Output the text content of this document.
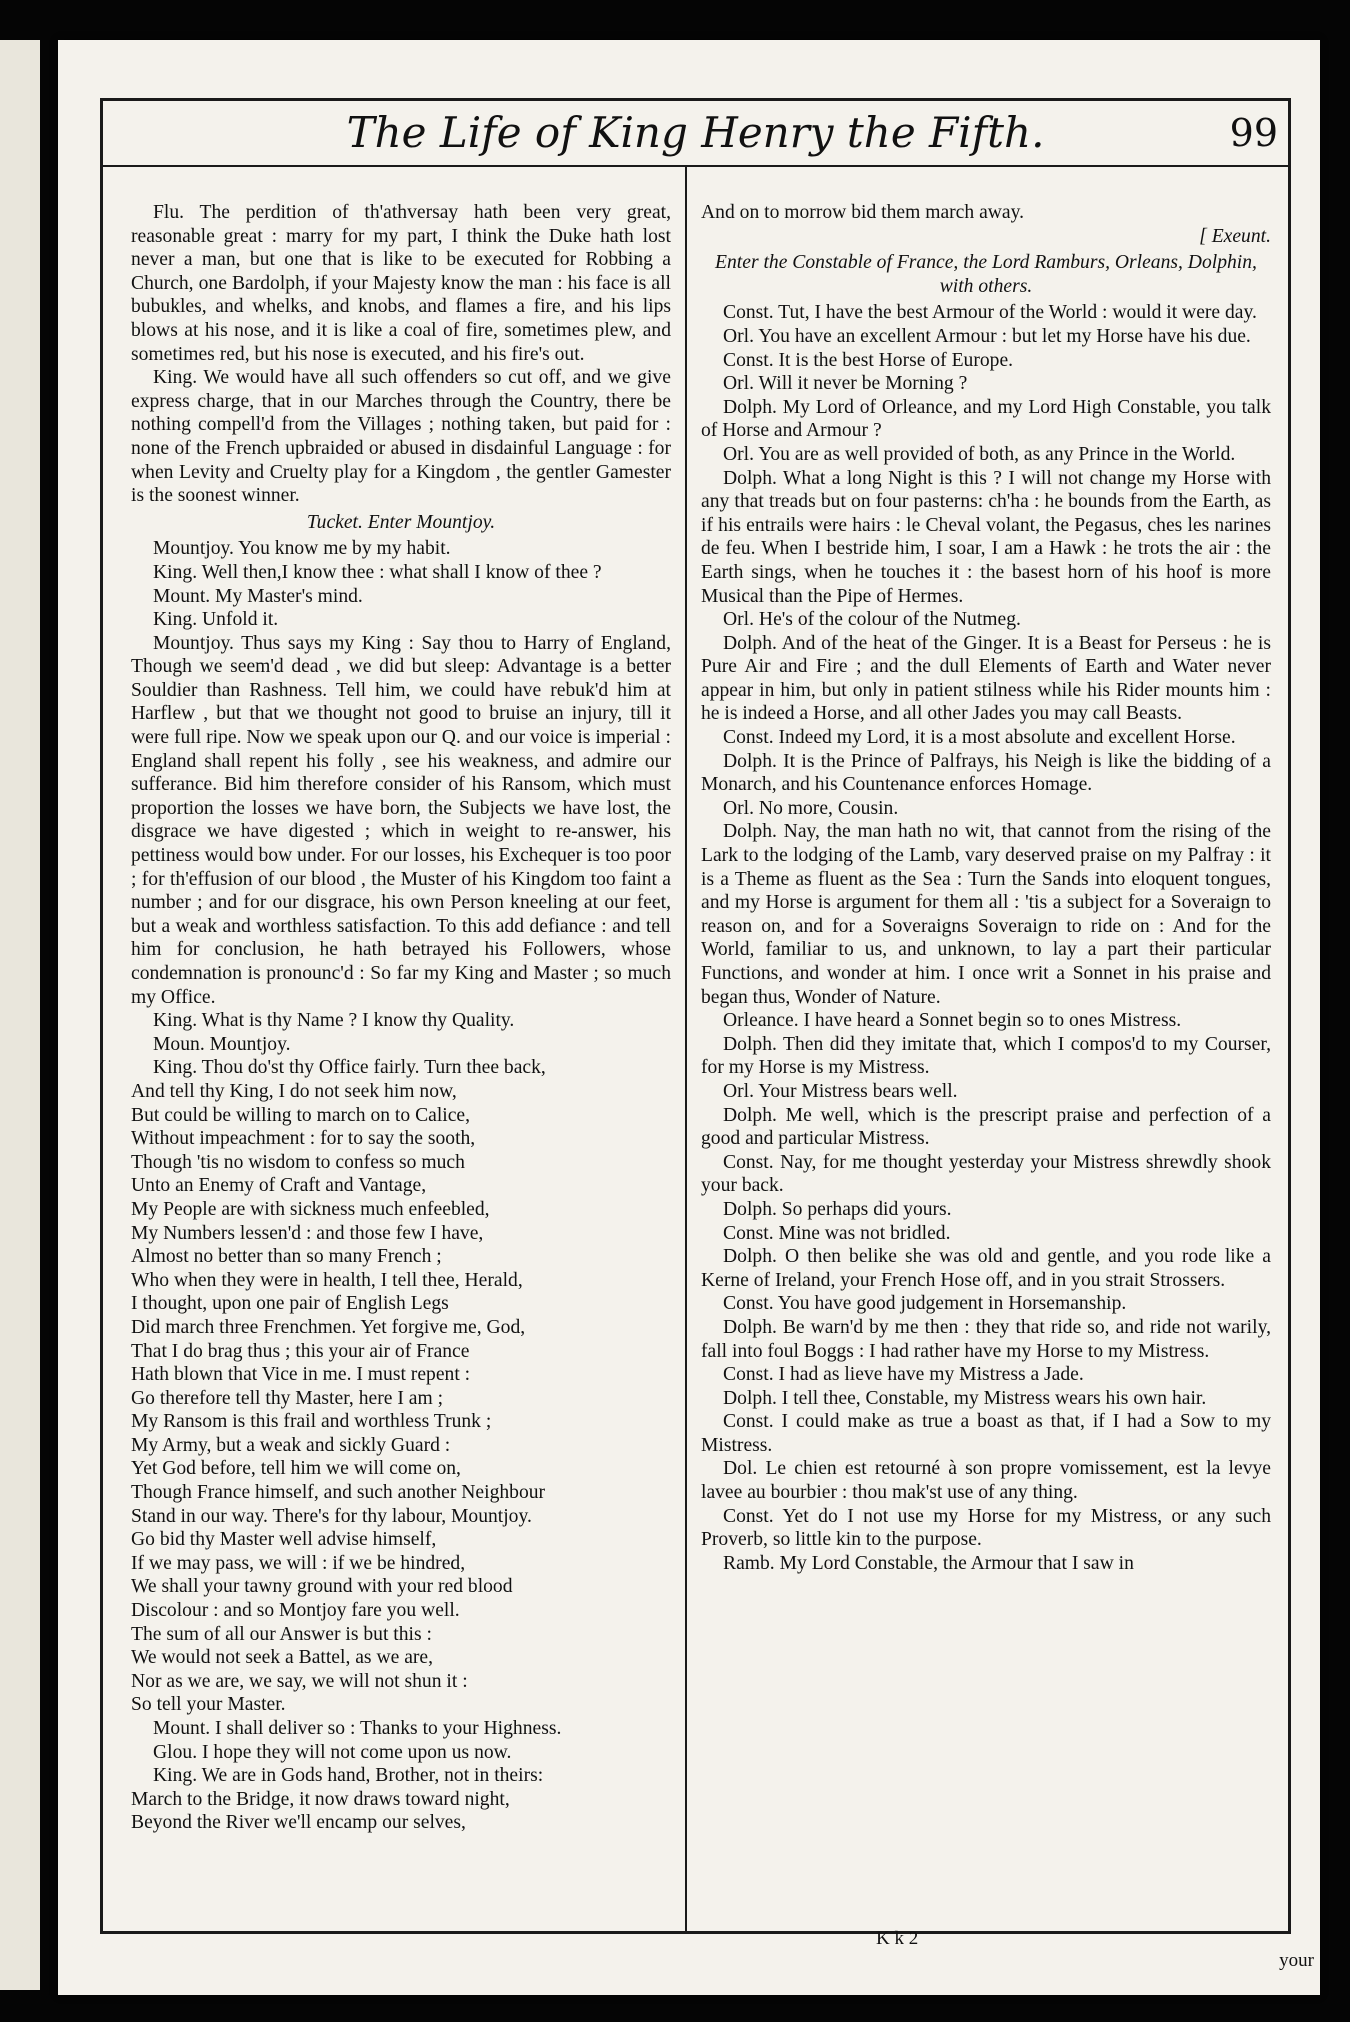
The Life of King Henry the Fifth.	99
Flu. The perdition of th'athversay hath been very great, reasonable great : marry for my part, I think the Duke hath lost never a man, but one that is like to be executed for Robbing a Church, one Bardolph, if your Majesty know the man : his face is all bubukles, and whelks, and knobs, and flames a fire, and his lips blows at his nose, and it is like a coal of fire, sometimes plew, and sometimes red, but his nose is executed, and his fire's out.
King. We would have all such offenders so cut off, and we give express charge, that in our Marches through the Country, there be nothing compell'd from the Villages ; nothing taken, but paid for : none of the French upbraided or abused in disdainful Language : for when Levity and Cruelty play for a Kingdom , the gentler Gamester is the soonest winner.
Tucket. Enter Mountjoy.
Mountjoy. You know me by my habit.
King. Well then,I know thee : what shall I know of thee ?
Mount. My Master's mind.
King. Unfold it.
Mountjoy. Thus says my King : Say thou to Harry of England, Though we seem'd dead , we did but sleep: Advantage is a better Souldier than Rashness. Tell him, we could have rebuk'd him at Harflew , but that we thought not good to bruise an injury, till it were full ripe. Now we speak upon our Q. and our voice is imperial : England shall repent his folly , see his weakness, and admire our sufferance. Bid him therefore consider of his Ransom, which must proportion the losses we have born, the Subjects we have lost, the disgrace we have digested ; which in weight to re-answer, his pettiness would bow under. For our losses, his Exchequer is too poor ; for th'effusion of our blood , the Muster of his Kingdom too faint a number ; and for our disgrace, his own Person kneeling at our feet, but a weak and worthless satisfaction. To this add defiance : and tell him for conclusion, he hath betrayed his Followers, whose condemnation is pronounc'd : So far my King and Master ; so much my Office.
King. What is thy Name ? I know thy Quality.
Moun. Mountjoy.
King. Thou do'st thy Office fairly. Turn thee back,
And tell thy King, I do not seek him now,
But could be willing to march on to Calice,
Without impeachment : for to say the sooth,
Though 'tis no wisdom to confess so much
Unto an Enemy of Craft and Vantage,
My People are with sickness much enfeebled,
My Numbers lessen'd : and those few I have,
Almost no better than so many French ;
Who when they were in health, I tell thee, Herald,
I thought, upon one pair of English Legs
Did march three Frenchmen. Yet forgive me, God,
That I do brag thus ; this your air of France
Hath blown that Vice in me. I must repent :
Go therefore tell thy Master, here I am ;
My Ransom is this frail and worthless Trunk ;
My Army, but a weak and sickly Guard :
Yet God before, tell him we will come on,
Though France himself, and such another Neighbour
Stand in our way. There's for thy labour, Mountjoy.
Go bid thy Master well advise himself,
If we may pass, we will : if we be hindred,
We shall your tawny ground with your red blood
Discolour : and so Montjoy fare you well.
The sum of all our Answer is but this :
We would not seek a Battel, as we are,
Nor as we are, we say, we will not shun it :
So tell your Master.
Mount. I shall deliver so : Thanks to your Highness.
Glou. I hope they will not come upon us now.
King. We are in Gods hand, Brother, not in theirs:
March to the Bridge, it now draws toward night,
Beyond the River we'll encamp our selves,
And on to morrow bid them march away.
[ Exeunt.
Enter the Constable of France, the Lord Ramburs, Orleans, Dolphin, with others.
Const. Tut, I have the best Armour of the World : would it were day.
Orl. You have an excellent Armour : but let my Horse have his due.
Const. It is the best Horse of Europe.
Orl. Will it never be Morning ?
Dolph. My Lord of Orleance, and my Lord High Constable, you talk of Horse and Armour ?
Orl. You are as well provided of both, as any Prince in the World.
Dolph. What a long Night is this ? I will not change my Horse with any that treads but on four pasterns: ch'ha : he bounds from the Earth, as if his entrails were hairs : le Cheval volant, the Pegasus, ches les narines de feu. When I bestride him, I soar, I am a Hawk : he trots the air : the Earth sings, when he touches it : the basest horn of his hoof is more Musical than the Pipe of Hermes.
Orl. He's of the colour of the Nutmeg.
Dolph. And of the heat of the Ginger. It is a Beast for Perseus : he is Pure Air and Fire ; and the dull Elements of Earth and Water never appear in him, but only in patient stilness while his Rider mounts him : he is indeed a Horse, and all other Jades you may call Beasts.
Const. Indeed my Lord, it is a most absolute and excellent Horse.
Dolph. It is the Prince of Palfrays, his Neigh is like the bidding of a Monarch, and his Countenance enforces Homage.
Orl. No more, Cousin.
Dolph. Nay, the man hath no wit, that cannot from the rising of the Lark to the lodging of the Lamb, vary deserved praise on my Palfray : it is a Theme as fluent as the Sea : Turn the Sands into eloquent tongues, and my Horse is argument for them all : 'tis a subject for a Soveraign to reason on, and for a Soveraigns Soveraign to ride on : And for the World, familiar to us, and unknown, to lay a part their particular Functions, and wonder at him. I once writ a Sonnet in his praise and began thus, Wonder of Nature.
Orleance. I have heard a Sonnet begin so to ones Mistress.
Dolph. Then did they imitate that, which I compos'd to my Courser, for my Horse is my Mistress.
Orl. Your Mistress bears well.
Dolph. Me well, which is the prescript praise and perfection of a good and particular Mistress.
Const. Nay, for me thought yesterday your Mistress shrewdly shook your back.
Dolph. So perhaps did yours.
Const. Mine was not bridled.
Dolph. O then belike she was old and gentle, and you rode like a Kerne of Ireland, your French Hose off, and in you strait Strossers.
Const. You have good judgement in Horsemanship.
Dolph. Be warn'd by me then : they that ride so, and ride not warily, fall into foul Boggs : I had rather have my Horse to my Mistress.
Const. I had as lieve have my Mistress a Jade.
Dolph. I tell thee, Constable, my Mistress wears his own hair.
Const. I could make as true a boast as that, if I had a Sow to my Mistress.
Dol. Le chien est retourné à son propre vomissement, est la levye lavee au bourbier : thou mak'st use of any thing.
Const. Yet do I not use my Horse for my Mistress, or any such Proverb, so little kin to the purpose.
Ramb. My Lord Constable, the Armour that I saw in
K k 2
your
